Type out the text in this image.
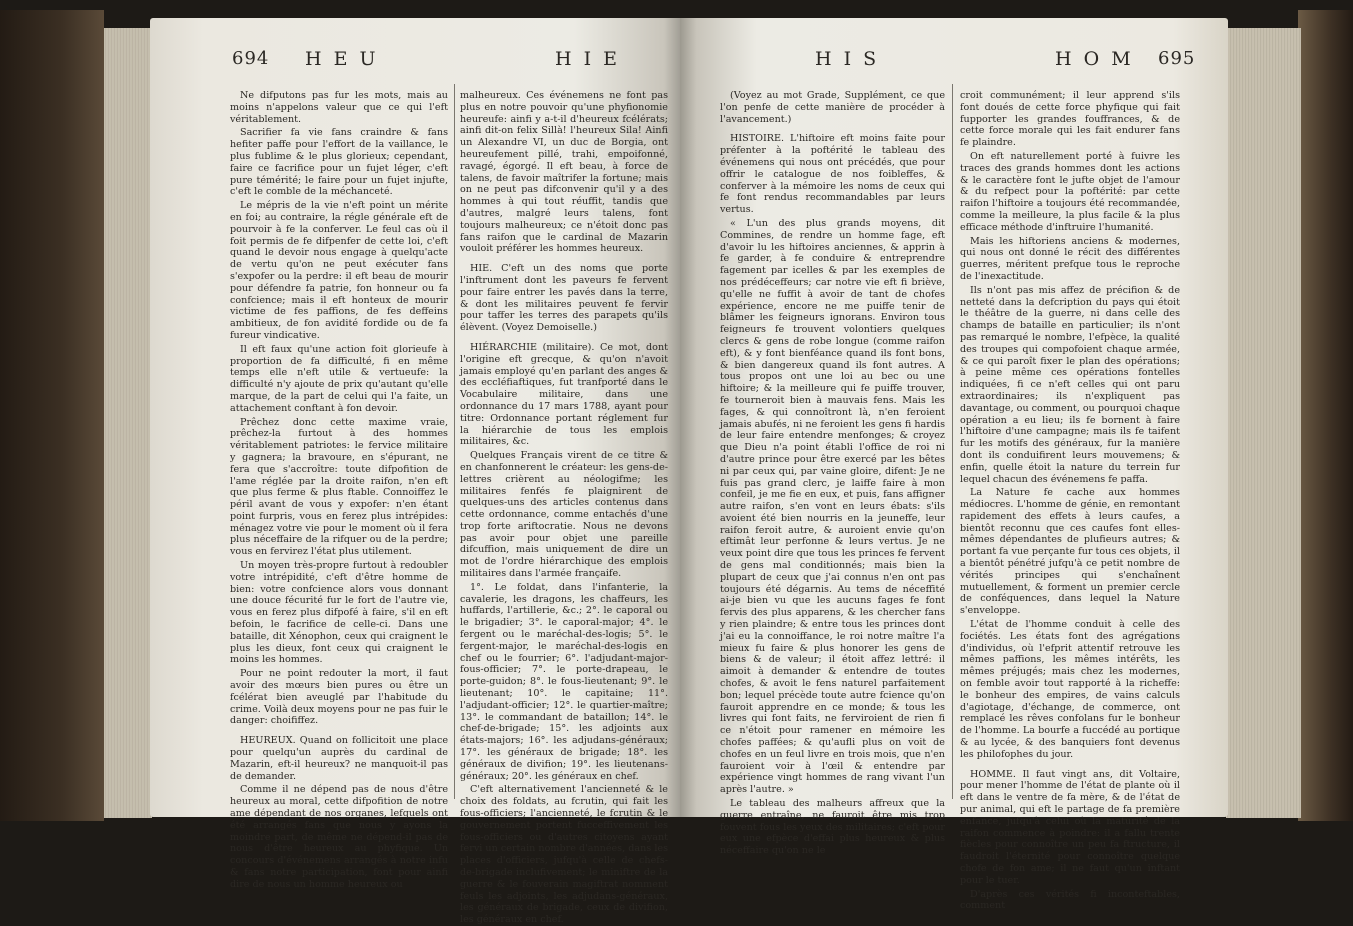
694 H E U	H I E

Ne difputons pas fur les mots, mais au moins n'appelons valeur que ce qui l'eft véritablement.

Sacrifier fa vie fans craindre & fans hefiter paffe pour l'effort de la vaillance, le plus fublime & le plus glorieux; cependant, faire ce facrifice pour un fujet léger, c'eft pure témérité; le faire pour un fujet injufte, c'eft le comble de la méchanceté.

Le mépris de la vie n'eft point un mérite en foi; au contraire, la régle générale eft de pourvoir à fe la conferver. Le feul cas où il foit permis de fe difpenfer de cette loi, c'eft quand le devoir nous engage à quelqu'acte de vertu qu'on ne peut exécuter fans s'expofer ou la perdre: il eft beau de mourir pour défendre fa patrie, fon honneur ou fa confcience; mais il eft honteux de mourir victime de fes paffions, de fes deffeins ambitieux, de fon avidité fordide ou de fa fureur vindicative.

Il eft faux qu'une action foit glorieufe à proportion de fa difficulté, fi en même temps elle n'eft utile & vertueufe: la difficulté n'y ajoute de prix qu'autant qu'elle marque, de la part de celui qui l'a faite, un attachement conftant à fon devoir.

Prêchez donc cette maxime vraie, prêchez-la furtout à des hommes véritablement patriotes: le fervice militaire y gagnera; la bravoure, en s'épurant, ne fera que s'accroître: toute difpofition de l'ame réglée par la droite raifon, n'en eft que plus ferme & plus ftable. Connoiffez le péril avant de vous y expofer: n'en étant point furpris, vous en ferez plus intrépides: ménagez votre vie pour le moment où il fera plus néceffaire de la rifquer ou de la perdre; vous en fervirez l'état plus utilement.

Un moyen très-propre furtout à redoubler votre intrépidité, c'eft d'être homme de bien: votre confcience alors vous donnant une douce fécurité fur le fort de l'autre vie, vous en ferez plus difpofé à faire, s'il en eft befoin, le facrifice de celle-ci. Dans une bataille, dit Xénophon, ceux qui craignent le plus les dieux, font ceux qui craignent le moins les hommes.

Pour ne point redouter la mort, il faut avoir des mœurs bien pures ou être un fcélérat bien aveuglé par l'habitude du crime. Voilà deux moyens pour ne pas fuir le danger: choififfez.

HEUREUX. Quand on follicitoit une place pour quelqu'un auprès du cardinal de Mazarin, eft-il heureux? ne manquoit-il pas de demander.

Comme il ne dépend pas de nous d'être heureux au moral, cette difpofition de notre ame dépendant de nos organes, lefquels ont été arrangés fans que nous y ayons la moindre part, de même ne dépend-il pas de nous d'être heureux au phyfique. Un concours d'événemens arrangés à notre infu & fans notre participation, font pour ainfi dire de nous un homme heureux ou

malheureux. Ces événemens ne font pas plus en notre pouvoir qu'une phyfionomie heureufe: ainfi y a-t-il d'heureux fcélérats; ainfi dit-on felix Sillà! l'heureux Sila! Ainfi un Alexandre VI, un duc de Borgia, ont heureufement pillé, trahi, empoifonné, ravagé, égorgé. Il eft beau, à force de talens, de favoir maîtrifer la fortune; mais on ne peut pas difconvenir qu'il y a des hommes à qui tout réuffit, tandis que d'autres, malgré leurs talens, font toujours malheureux; ce n'étoit donc pas fans raifon que le cardinal de Mazarin vouloit préférer les hommes heureux.

HIE. C'eft un des noms que porte l'inftrument dont les paveurs fe fervent pour faire entrer les pavés dans la terre, & dont les militaires peuvent fe fervir pour taffer les terres des parapets qu'ils élèvent. (Voyez Demoiselle.)

HIÉRARCHIE (militaire). Ce mot, dont l'origine eft grecque, & qu'on n'avoit jamais employé qu'en parlant des anges & des eccléfiaftiques, fut tranfporté dans le Vocabulaire militaire, dans une ordonnance du 17 mars 1788, ayant pour titre: Ordonnance portant réglement fur la hiérarchie de tous les emplois militaires, &c.

Quelques Français virent de ce titre & en chanfonnerent le créateur: les gens-de-lettres crièrent au néologifme; les militaires fenfés fe plaignirent de quelques-uns des articles contenus dans cette ordonnance, comme entachés d'une trop forte ariftocratie. Nous ne devons pas avoir pour objet une pareille difcuffion, mais uniquement de dire un mot de l'ordre hiérarchique des emplois militaires dans l'armée françaife.

1°. Le foldat, dans l'infanterie, la cavalerie, les dragons, les chaffeurs, les huffards, l'artillerie, &c.; 2°. le caporal ou le brigadier; 3°. le caporal-major; 4°. le fergent ou le maréchal-des-logis; 5°. le fergent-major, le maréchal-des-logis en chef ou le fourrier; 6°. l'adjudant-major-fous-officier; 7°. le porte-drapeau, le porte-guidon; 8°. le fous-lieutenant; 9°. le lieutenant; 10°. le capitaine; 11°. l'adjudant-officier; 12°. le quartier-maître; 13°. le commandant de bataillon; 14°. le chef-de-brigade; 15°. les adjoints aux états-majors; 16°. les adjudans-généraux; 17°. les généraux de brigade; 18°. les généraux de divifion; 19°. les lieutenans-généraux; 20°. les généraux en chef.

C'eft alternativement l'ancienneté & le choix des foldats, au fcrutin, qui fait les fous-officiers; l'ancienneté, le fcrutin & le gouvernement portent fucceffivement les fous-officiers ou d'autres citoyens ayant fervi un certain nombre d'années, dans les places d'officiers, jufqu'à celle de chefs-de-brigade inclufivement; le miniftre de la guerre & le fouverain magiftrat nomment feuls les adjoints, les adjudans-généraux, les généraux de brigade, ceux de divifion, les généraux en chef.

H I S	H O M 695

(Voyez au mot Grade, Supplément, ce que l'on penfe de cette manière de procéder à l'avancement.)

HISTOIRE. L'hiftoire eft moins faite pour préfenter à la poftérité le tableau des événemens qui nous ont précédés, que pour offrir le catalogue de nos foibleffes, & conferver à la mémoire les noms de ceux qui fe font rendus recommandables par leurs vertus.

« L'un des plus grands moyens, dit Commines, de rendre un homme fage, eft d'avoir lu les hiftoires anciennes, & apprin à fe garder, à fe conduire & entreprendre fagement par icelles & par les exemples de nos prédéceffeurs; car notre vie eft fi briève, qu'elle ne fuffit à avoir de tant de chofes expérience, encore ne me puiffe tenir de blâmer les feigneurs ignorans. Environ tous feigneurs fe trouvent volontiers quelques clercs & gens de robe longue (comme raifon eft), & y font bienféance quand ils font bons, & bien dangereux quand ils font autres. A tous propos ont une loi au bec ou une hiftoire; & la meilleure qui fe puiffe trouver, fe tourneroit bien à mauvais fens. Mais les fages, & qui connoîtront là, n'en feroient jamais abufés, ni ne feroient les gens fi hardis de leur faire entendre menfonges; & croyez que Dieu n'a point établi l'office de roi ni d'autre prince pour être exercé par les bêtes ni par ceux qui, par vaine gloire, difent: Je ne fuis pas grand clerc, je laiffe faire à mon confeil, je me fie en eux, et puis, fans affigner autre raifon, s'en vont en leurs ébats: s'ils avoient été bien nourris en la jeuneffe, leur raifon feroit autre, & auroient envie qu'on eftimât leur perfonne & leurs vertus. Je ne veux point dire que tous les princes fe fervent de gens mal conditionnés; mais bien la plupart de ceux que j'ai connus n'en ont pas toujours été dégarnis. Au tems de néceffité ai-je bien vu que les aucuns fages fe font fervis des plus apparens, & les chercher fans y rien plaindre; & entre tous les princes dont j'ai eu la connoiffance, le roi notre maître l'a mieux fu faire & plus honorer les gens de biens & de valeur; il étoit affez lettré: il aimoit à demander & entendre de toutes chofes, & avoit le fens naturel parfaitement bon; lequel précède toute autre fcience qu'on fauroit apprendre en ce monde; & tous les livres qui font faits, ne ferviroient de rien fi ce n'étoit pour ramener en mémoire les chofes paffées; & qu'aufli plus on voit de chofes en un feul livre en trois mois, que n'en fauroient voir à l'œil & entendre par expérience vingt hommes de rang vivant l'un après l'autre. »

Le tableau des malheurs affreux que la guerre entraîne, ne fauroit être mis trop fouvent fous les yeux des militaires; c'eft pour eux une efpèce d'effai plus heureux & plus néceffaire qu'on ne le

croit communément; il leur apprend s'ils font doués de cette force phyfique qui fait fupporter les grandes fouffrances, & de cette force morale qui les fait endurer fans fe plaindre.

On eft naturellement porté à fuivre les traces des grands hommes dont les actions & le caractère font le jufte objet de l'amour & du refpect pour la poftérité: par cette raifon l'hiftoire a toujours été recommandée, comme la meilleure, la plus facile & la plus efficace méthode d'inftruire l'humanité.

Mais les hiftoriens anciens & modernes, qui nous ont donné le récit des différentes guerres, méritent prefque tous le reproche de l'inexactitude.

Ils n'ont pas mis affez de précifion & de netteté dans la defcription du pays qui étoit le théâtre de la guerre, ni dans celle des champs de bataille en particulier; ils n'ont pas remarqué le nombre, l'efpèce, la qualité des troupes qui compofoient chaque armée, & ce qui paroît fixer le plan des opérations; à peine même ces opérations fontelles indiquées, fi ce n'eft celles qui ont paru extraordinaires; ils n'expliquent pas davantage, ou comment, ou pourquoi chaque opération a eu lieu; ils fe bornent à faire l'hiftoire d'une campagne; mais ils fe taifent fur les motifs des généraux, fur la manière dont ils conduifirent leurs mouvemens; & enfin, quelle étoit la nature du terrein fur lequel chacun des événemens fe paffa.

La Nature fe cache aux hommes médiocres. L'homme de génie, en remontant rapidement des effets à leurs caufes, a bientôt reconnu que ces caufes font elles-mêmes dépendantes de plufieurs autres; & portant fa vue perçante fur tous ces objets, il a bientôt pénétré jufqu'à ce petit nombre de vérités principes qui s'enchaînent mutuellement, & forment un premier cercle de conféquences, dans lequel la Nature s'enveloppe.

L'état de l'homme conduit à celle des fociétés. Les états font des agrégations d'individus, où l'efprit attentif retrouve les mêmes paffions, les mêmes intérêts, les mêmes préjugés; mais chez les modernes, on femble avoir tout rapporté à la richeffe: le bonheur des empires, de vains calculs d'agiotage, d'échange, de commerce, ont remplacé les rêves confolans fur le bonheur de l'homme. La bourfe a fuccédé au portique & au lycée, & des banquiers font devenus les philofophes du jour.

HOMME. Il faut vingt ans, dit Voltaire, pour mener l'homme de l'état de plante où il eft dans le ventre de fa mère, & de l'état de pur animal, qui eft le partage de fa première enfance, jufqu'à celui où la maturité de la raifon commence à poindre: il a fallu trente fiècles pour connoître un peu fa ftructure, il faudroit l'éternité pour connoître quelque chofe de fon ame; il ne faut qu'un inftant pour le tuer.

D'après ces vérités fi inconteftables, comment
